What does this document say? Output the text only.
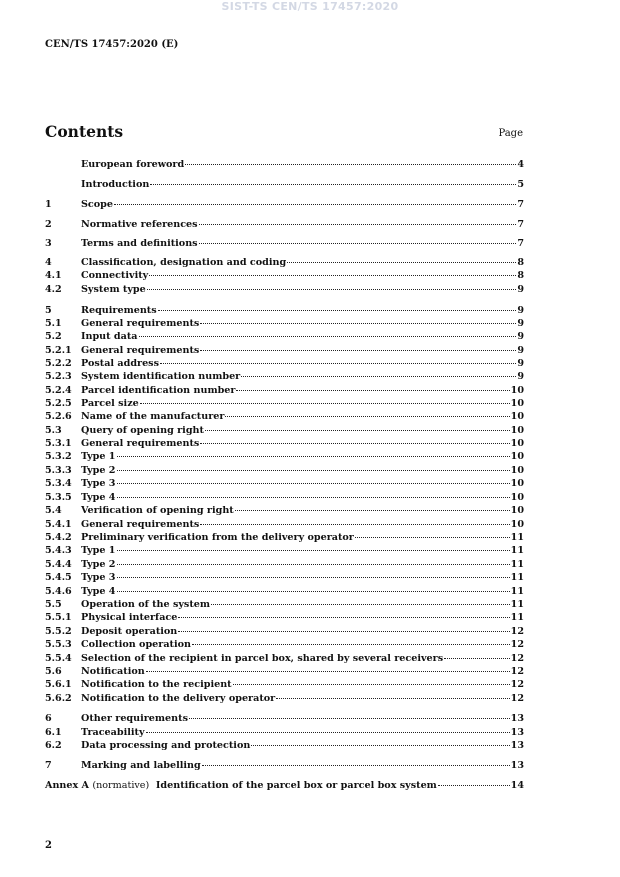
SIST-TS CEN/TS 17457:2020
CEN/TS 17457:2020 (E)
Contents	Page
European foreword	4
Introduction	5
1	Scope	7
2	Normative references	7
3	Terms and definitions	7
4	Classification, designation and coding	8
4.1	Connectivity	8
4.2	System type	9
5	Requirements	9
5.1	General requirements	9
5.2	Input data	9
5.2.1 General requirements	9
5.2.2 Postal address	9
5.2.3 System identification number	9
5.2.4 Parcel identification number	10
5.2.5 Parcel size	10
5.2.6 Name of the manufacturer	10
5.3	Query of opening right	10
5.3.1 General requirements	10
5.3.2 Type 1	10
5.3.3 Type 2	10
5.3.4 Type 3	10
5.3.5 Type 4	10
5.4	Verification of opening right	10
5.4.1 General requirements	10
5.4.2 Preliminary verification from the delivery operator	11
5.4.3 Type 1	11
5.4.4 Type 2	11
5.4.5 Type 3	11
5.4.6 Type 4	11
5.5	Operation of the system	11
5.5.1 Physical interface	11
5.5.2 Deposit operation	12
5.5.3 Collection operation	12
5.5.4 Selection of the recipient in parcel box, shared by several receivers	12
5.6	Notification	12
5.6.1 Notification to the recipient	12
5.6.2 Notification to the delivery operator	12
6	Other requirements	13
6.1	Traceability	13
6.2	Data processing and protection	13
7	Marking and labelling	13
Annex A (normative) Identification of the parcel box or parcel box system	14
2
